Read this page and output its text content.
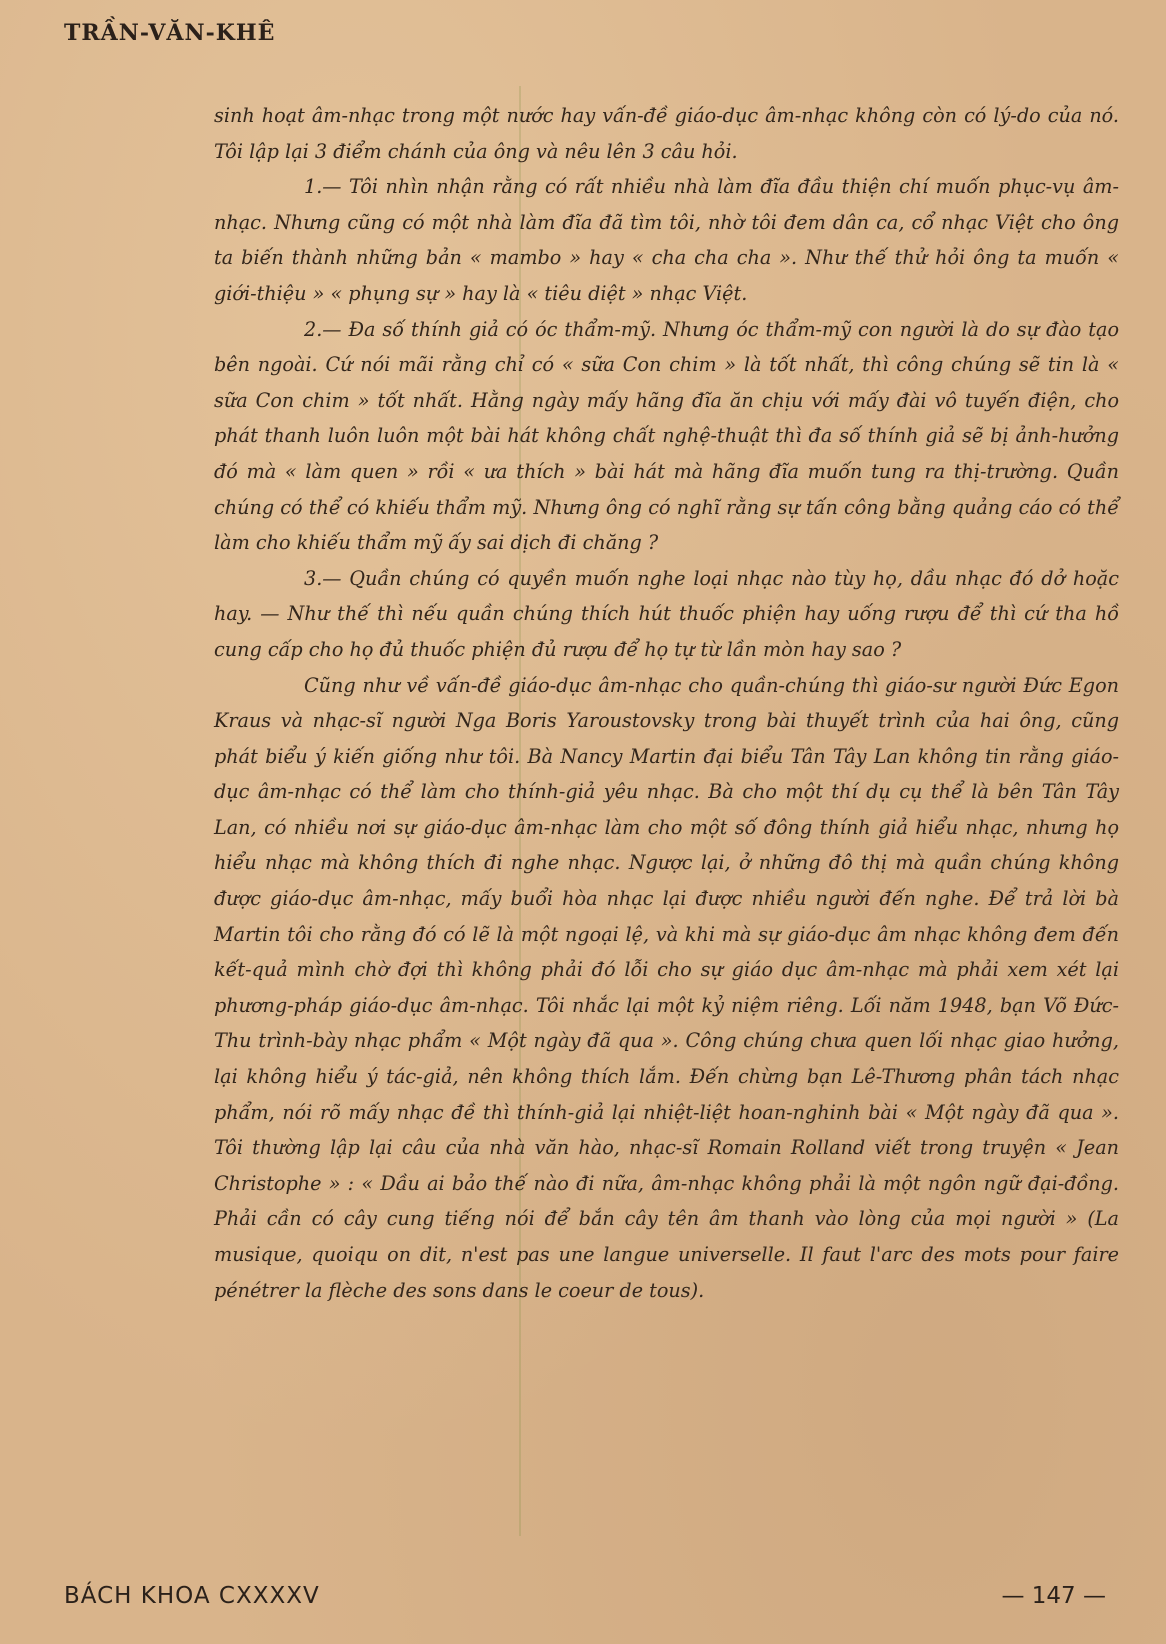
TRẦN-VĂN-KHÊ

sinh hoạt âm-nhạc trong một nước hay vấn-đề giáo-dục âm-nhạc không còn có lý-do của nó. Tôi lập lại 3 điểm chánh của ông và nêu lên 3 câu hỏi.

1.— Tôi nhìn nhận rằng có rất nhiều nhà làm đĩa đầu thiện chí muốn phục-vụ âm-nhạc. Nhưng cũng có một nhà làm đĩa đã tìm tôi, nhờ tôi đem dân ca, cổ nhạc Việt cho ông ta biến thành những bản « mambo » hay « cha cha cha ». Như thế thử hỏi ông ta muốn « giới-thiệu » « phụng sự » hay là « tiêu diệt » nhạc Việt.

2.— Đa số thính giả có óc thẩm-mỹ. Nhưng óc thẩm-mỹ con người là do sự đào tạo bên ngoài. Cứ nói mãi rằng chỉ có « sữa Con chim » là tốt nhất, thì công chúng sẽ tin là « sữa Con chim » tốt nhất. Hằng ngày mấy hãng đĩa ăn chịu với mấy đài vô tuyến điện, cho phát thanh luôn luôn một bài hát không chất nghệ-thuật thì đa số thính giả sẽ bị ảnh-hưởng đó mà « làm quen » rồi « ưa thích » bài hát mà hãng đĩa muốn tung ra thị-trường. Quần chúng có thể có khiếu thẩm mỹ. Nhưng ông có nghĩ rằng sự tấn công bằng quảng cáo có thể làm cho khiếu thẩm mỹ ấy sai dịch đi chăng ?

3.— Quần chúng có quyền muốn nghe loại nhạc nào tùy họ, dầu nhạc đó dở hoặc hay. — Như thế thì nếu quần chúng thích hút thuốc phiện hay uống rượu để thì cứ tha hồ cung cấp cho họ đủ thuốc phiện đủ rượu để họ tự từ lần mòn hay sao ?

Cũng như về vấn-đề giáo-dục âm-nhạc cho quần-chúng thì giáo-sư người Đức Egon Kraus và nhạc-sĩ người Nga Boris Yaroustovsky trong bài thuyết trình của hai ông, cũng phát biểu ý kiến giống như tôi. Bà Nancy Martin đại biểu Tân Tây Lan không tin rằng giáo-dục âm-nhạc có thể làm cho thính-giả yêu nhạc. Bà cho một thí dụ cụ thể là bên Tân Tây Lan, có nhiều nơi sự giáo-dục âm-nhạc làm cho một số đông thính giả hiểu nhạc, nhưng họ hiểu nhạc mà không thích đi nghe nhạc. Ngược lại, ở những đô thị mà quần chúng không được giáo-dục âm-nhạc, mấy buổi hòa nhạc lại được nhiều người đến nghe. Để trả lời bà Martin tôi cho rằng đó có lẽ là một ngoại lệ, và khi mà sự giáo-dục âm nhạc không đem đến kết-quả mình chờ đợi thì không phải đó lỗi cho sự giáo dục âm-nhạc mà phải xem xét lại phương-pháp giáo-dục âm-nhạc. Tôi nhắc lại một kỷ niệm riêng. Lối năm 1948, bạn Võ Đức-Thu trình-bày nhạc phẩm « Một ngày đã qua ». Công chúng chưa quen lối nhạc giao hưởng, lại không hiểu ý tác-giả, nên không thích lắm. Đến chừng bạn Lê-Thương phân tách nhạc phẩm, nói rõ mấy nhạc đề thì thính-giả lại nhiệt-liệt hoan-nghinh bài « Một ngày đã qua ». Tôi thường lập lại câu của nhà văn hào, nhạc-sĩ Romain Rolland viết trong truyện « Jean Christophe » : « Dầu ai bảo thế nào đi nữa, âm-nhạc không phải là một ngôn ngữ đại-đồng. Phải cần có cây cung tiếng nói để bắn cây tên âm thanh vào lòng của mọi người » (La musique, quoiqu on dit, n'est pas une langue universelle. Il faut l'arc des mots pour faire pénétrer la flèche des sons dans le coeur de tous).

BÁCH KHOA CXXXXV	— 147 —
